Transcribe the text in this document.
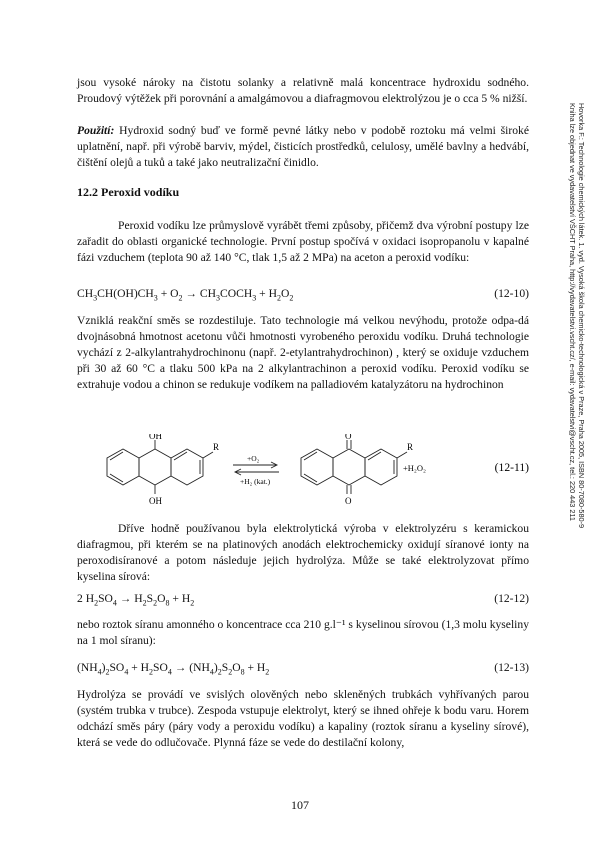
jsou vysoké nároky na čistotu solanky a relativně malá koncentrace hydroxidu sodného. Proudový výtěžek při porovnání a amalgámovou a diafragmovou elektrolýzou je o cca 5 % nižší.

Použití: Hydroxid sodný buď ve formě pevné látky nebo v podobě roztoku má velmi široké uplatnění, např. při výrobě barviv, mýdel, čisticích prostředků, celulosy, umělé bavlny a hedvábí, čištění olejů a tuků a také jako neutralizační činidlo.

12.2 Peroxid vodíku

Peroxid vodíku lze průmyslově vyrábět třemi způsoby, přičemž dva výrobní postupy lze zařadit do oblasti organické technologie. První postup spočívá v oxidaci isopropanolu v kapalné fázi vzduchem (teplota 90 až 140 °C, tlak 1,5 až 2 MPa) na aceton a peroxid vodíku:

$CH_3CH(OH)CH_3 + O_2$ → $CH_3COCH_3 + H_2O_2$	(12-10)

Vzniklá reakční směs se rozdestiluje. Tato technologie má velkou nevýhodu, protože odpa-dá dvojnásobná hmotnost acetonu vůči hmotnosti vyrobeného peroxidu vodíku. Druhá technologie vychází z 2-alkylantrahydrochinonu (např. 2-etylantrahydrochinon) , který se oxiduje vzduchem při 30 až 60 °C a tlaku 500 kPa na 2 alkylantrachinon a peroxid vodíku. Peroxid vodíku se extrahuje vodou a chinon se redukuje vodíkem na palladiovém katalyzátoru na hydrochinon

OH
OH
R
+O₂
+H₂ (kat.)
O
O
R
+H₂O₂	(12-11)

Dříve hodně používanou byla elektrolytická výroba v elektrolyzéru s keramickou diafragmou, při kterém se na platinových anodách elektrochemicky oxidují síranové ionty na peroxodisíranové a potom následuje jejich hydrolýza. Může se také elektrolyzovat přímo kyselina sírová:

2 $H_2SO_4 \to H_2S_2O_8 + H_2$	(12-12)

nebo roztok síranu amonného o koncentrace cca 210 g.l⁻¹ s kyselinou sírovou (1,3 molu kyseliny na 1 mol síranu):

$(NH_4)_2SO_4 + H_2SO_4 \to (NH_4)_2S_2O_8 + H_2$	(12-13)

Hydrolýza se provádí ve svislých olověných nebo skleněných trubkách vyhřívaných parou (systém trubka v trubce). Zespoda vstupuje elektrolyt, který se ihned ohřeje k bodu varu. Horem odchází směs páry (páry vody a peroxidu vodíku) a kapaliny (roztok síranu a kyseliny sírové), která se vede do odlučovače. Plynná fáze se vede do destilační kolony,

107
Hovorka F.: Technologie chemických látek. 1. vyd. Vysoká škola chemicko-technologická v Praze, Praha 2005, ISBN 80-7080-580-9
Kniha lze objednat ve vydavatelství VŠCHT Praha, http://vydavatelstvi.vscht.cz/, e-mail: vydavatelstvi@vscht.cz, tel.: 220 443 211
